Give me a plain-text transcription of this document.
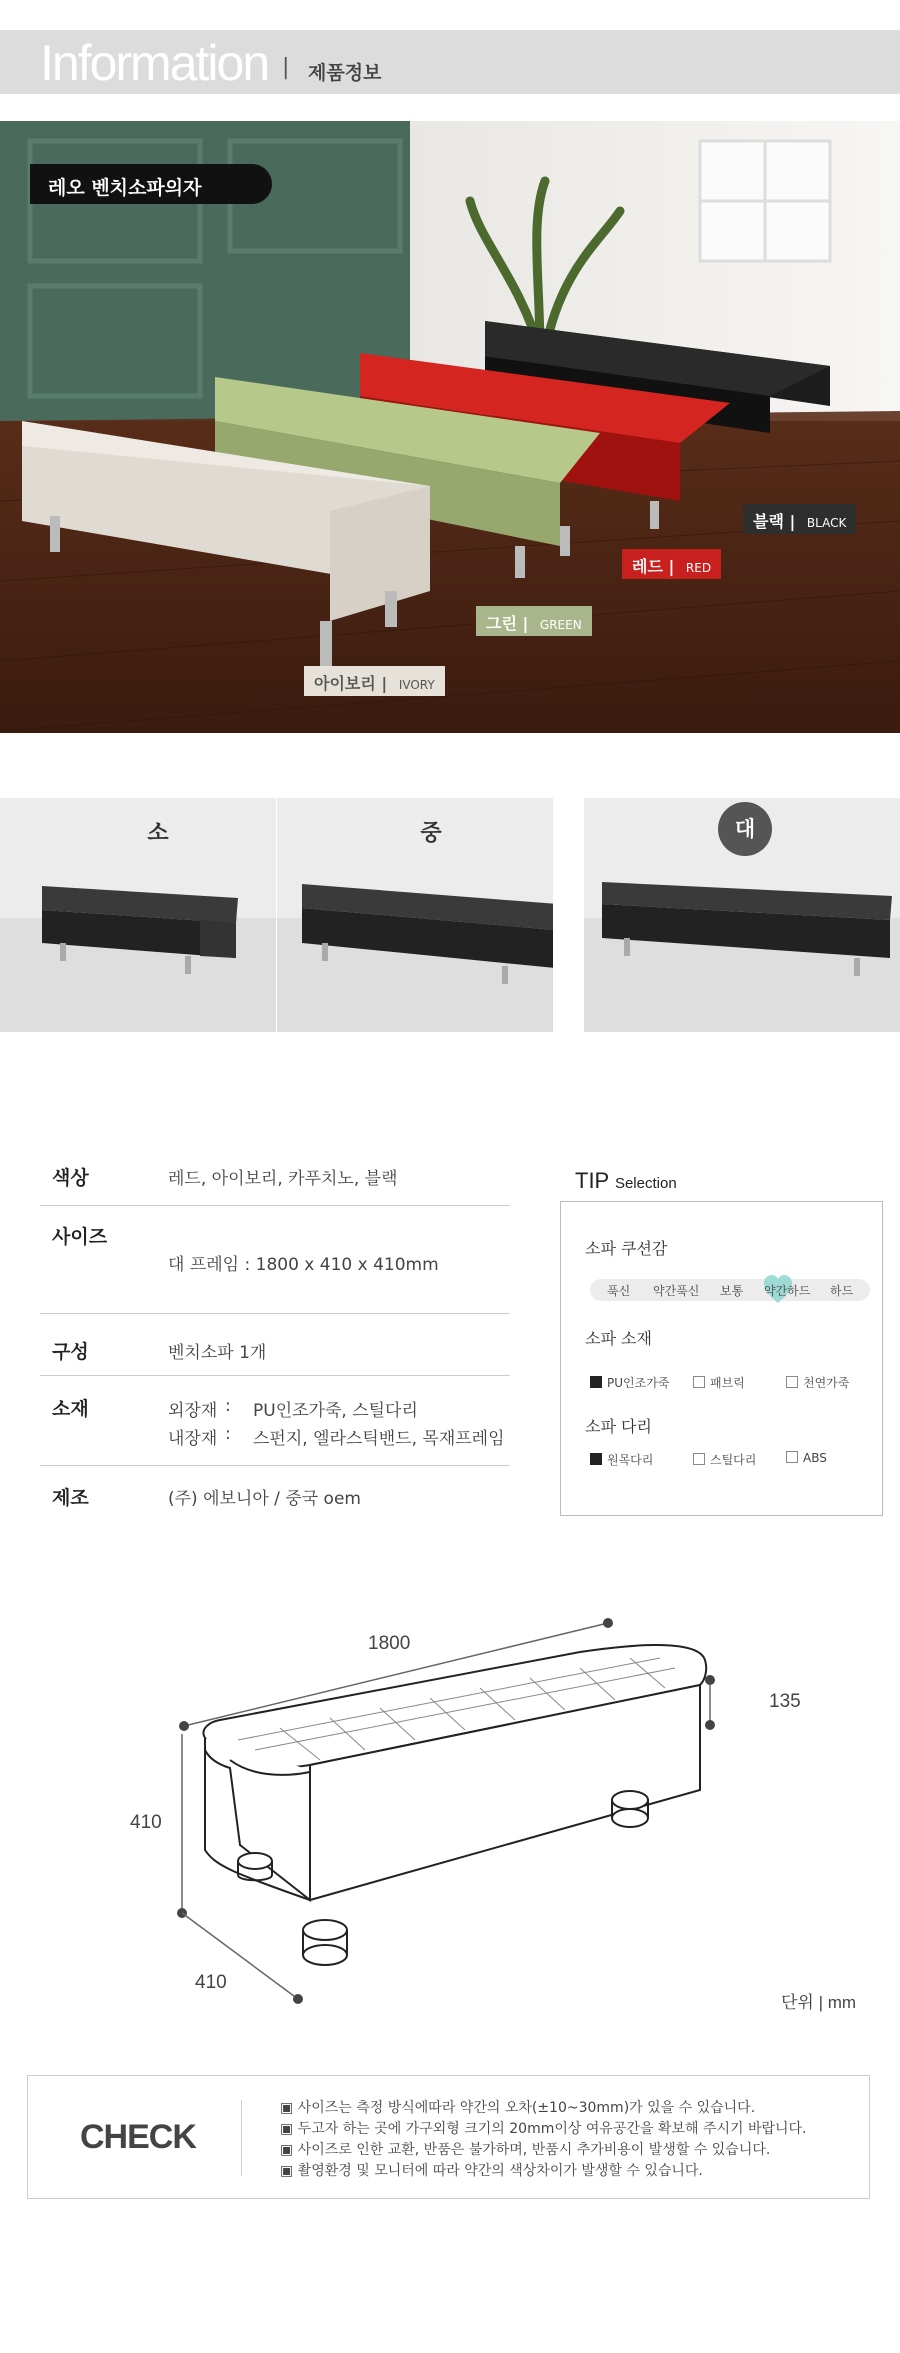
Information | 제품정보
레오 벤치소파의자
블랙 | BLACK
레드 | RED
그린 | GREEN
아이보리 | IVORY
소	중	대
색상	레드, 아이보리, 카푸치노, 블랙
사이즈
대 프레임 : 1800 x 410 x 410mm
구성	벤치소파 1개
소재	외장재 : PU인조가죽, 스틸다리
내장재 : 스펀지, 엘라스틱밴드, 목재프레임
제조	(주) 에보니아 / 중국 oem
TIP Selection
소파 쿠션감
푹신 약간푹신 보통 약간하드 하드
소파 소재
PU인조가죽	패브릭	천연가죽
소파 다리
원목다리	스틸다리	ABS
1800
410
410
135
단위 | mm
CHECK
▣ 사이즈는 측정 방식에따라 약간의 오차(±10~30mm)가 있을 수 있습니다.
▣ 두고자 하는 곳에 가구외형 크기의 20mm이상 여유공간을 확보해 주시기 바랍니다.
▣ 사이즈로 인한 교환, 반품은 불가하며, 반품시 추가비용이 발생할 수 있습니다.
▣ 촬영환경 및 모니터에 따라 약간의 색상차이가 발생할 수 있습니다.
